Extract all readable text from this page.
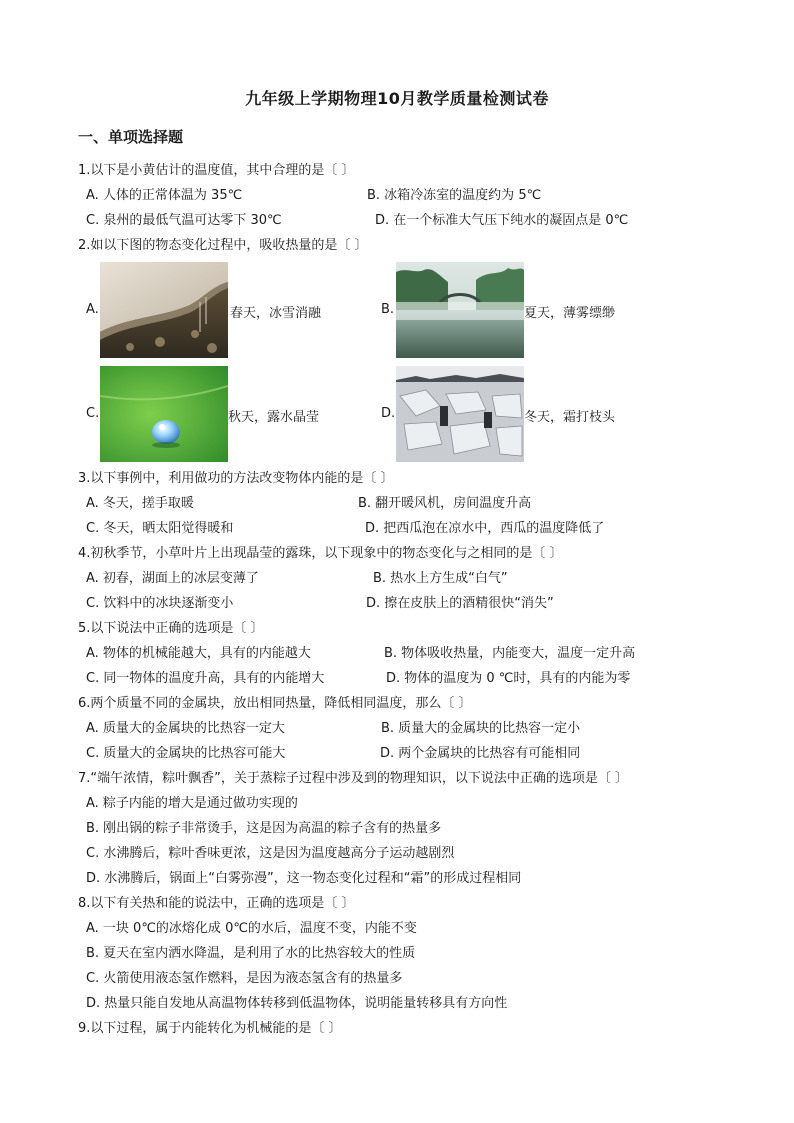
九年级上学期物理10月教学质量检测试卷
一、单项选择题
1.以下是小黄估计的温度值，其中合理的是〔 〕
A. 人体的正常体温为 35℃	B. 冰箱冷冻室的温度约为 5℃
C. 泉州的最低气温可达零下 30℃	D. 在一个标准大气压下纯水的凝固点是 0℃
2.如以下图的物态变化过程中，吸收热量的是〔 〕
A.	春天，冰雪消融	B.	夏天，薄雾缥缈
C.	秋天，露水晶莹	D.	冬天，霜打枝头
3.以下事例中，利用做功的方法改变物体内能的是〔 〕
A. 冬天，搓手取暖	B. 翻开暖风机，房间温度升高
C. 冬天，晒太阳觉得暖和	D. 把西瓜泡在凉水中，西瓜的温度降低了
4.初秋季节，小草叶片上出现晶莹的露珠，以下现象中的物态变化与之相同的是〔 〕
A. 初春，湖面上的冰层变薄了	B. 热水上方生成“白气”
C. 饮料中的冰块逐渐变小	D. 擦在皮肤上的酒精很快“消失”
5.以下说法中正确的选项是〔 〕
A. 物体的机械能越大，具有的内能越大	B. 物体吸收热量，内能变大，温度一定升高
C. 同一物体的温度升高，具有的内能增大	D. 物体的温度为 0 ℃时，具有的内能为零
6.两个质量不同的金属块，放出相同热量，降低相同温度，那么〔 〕
A. 质量大的金属块的比热容一定大	B. 质量大的金属块的比热容一定小
C. 质量大的金属块的比热容可能大	D. 两个金属块的比热容有可能相同
7.“端午浓情，粽叶飘香”，关于蒸粽子过程中涉及到的物理知识，以下说法中正确的选项是〔 〕
A. 粽子内能的增大是通过做功实现的
B. 刚出锅的粽子非常烫手，这是因为高温的粽子含有的热量多
C. 水沸腾后，粽叶香味更浓，这是因为温度越高分子运动越剧烈
D. 水沸腾后，锅面上“白雾弥漫”，这一物态变化过程和“霜”的形成过程相同
8.以下有关热和能的说法中，正确的选项是〔 〕
A. 一块 0℃的冰熔化成 0℃的水后，温度不变，内能不变
B. 夏天在室内洒水降温，是利用了水的比热容较大的性质
C. 火箭使用液态氢作燃料，是因为液态氢含有的热量多
D. 热量只能自发地从高温物体转移到低温物体，说明能量转移具有方向性
9.以下过程，属于内能转化为机械能的是〔 〕
